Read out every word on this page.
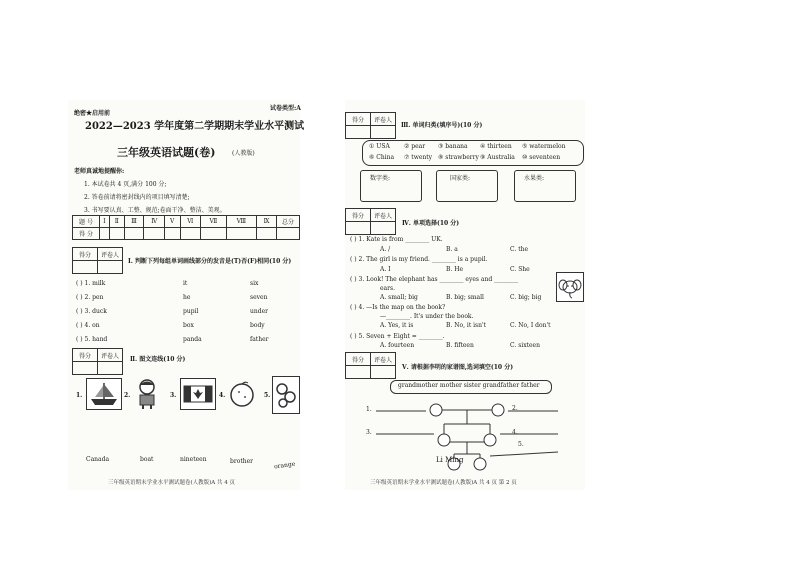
绝密★启用前
试卷类型:A
2022—2023 学年度第二学期期末学业水平测试
三年级英语试题(卷)	(人教版)
老师真诚地提醒你:
1. 本试卷共 4 页,满分 100 分;
2. 答卷前请将密封线内的项目填写清楚;
3. 书写要认真、工整、规范;卷面干净、整洁、美观。
题 号	Ⅰ	Ⅱ	Ⅲ	Ⅳ	Ⅴ	Ⅵ	Ⅶ	Ⅷ	Ⅸ	总分
得 分										
得分	评卷人

Ⅰ. 判断下列每组单词画线部分的发音是(T)否(F)相同(10 分)
( ) 1. milk	it	six
( ) 2. pen	he	seven
( ) 3. duck	pupil	under
( ) 4. on	box	body
( ) 5. hand	panda	father
得分	评卷人
	Ⅱ. 图文连线(10 分)
1.	2.	3.	4.	5.
Canada	boat	nineteen	brother	orange
三年级英语期末学业水平测试题卷(人教版)A 共 4 页
得分	评卷人

Ⅲ. 单词归类(填序号)(10 分)
① USA ② pear ③ banana ④ thirteen ⑤ watermelon
⑥ China ⑦ twenty ⑧ strawberry ⑨ Australia ⑩ seventeen
数字类:	国家类:	水果类:
得分	评卷人

Ⅳ. 单项选择(10 分)
( ) 1. Kate is from ________ UK.
A. /	B. a	C. the
( ) 2. The girl is my friend. ________ is a pupil.
A. I	B. He	C. She
( ) 3. Look! The elephant has ________ eyes and ________
ears.
A. small; big	B. big; small	C. big; big
( ) 4. —Is the map on the book?
—________. It's under the book.
A. Yes, it is	B. No, it isn't	C. No, I don't
( ) 5. Seven + Eight = ________.
A. fourteen	B. fifteen	C. sixteen
得分	评卷人

Ⅴ. 请根据李明的家谱图,选词填空(10 分)
grandmother mother sister grandfather father
1.	2.
3.	4.
5.
Li Ming
三年级英语期末学业水平测试题卷(人教版)A 共 4 页 第 2 页
